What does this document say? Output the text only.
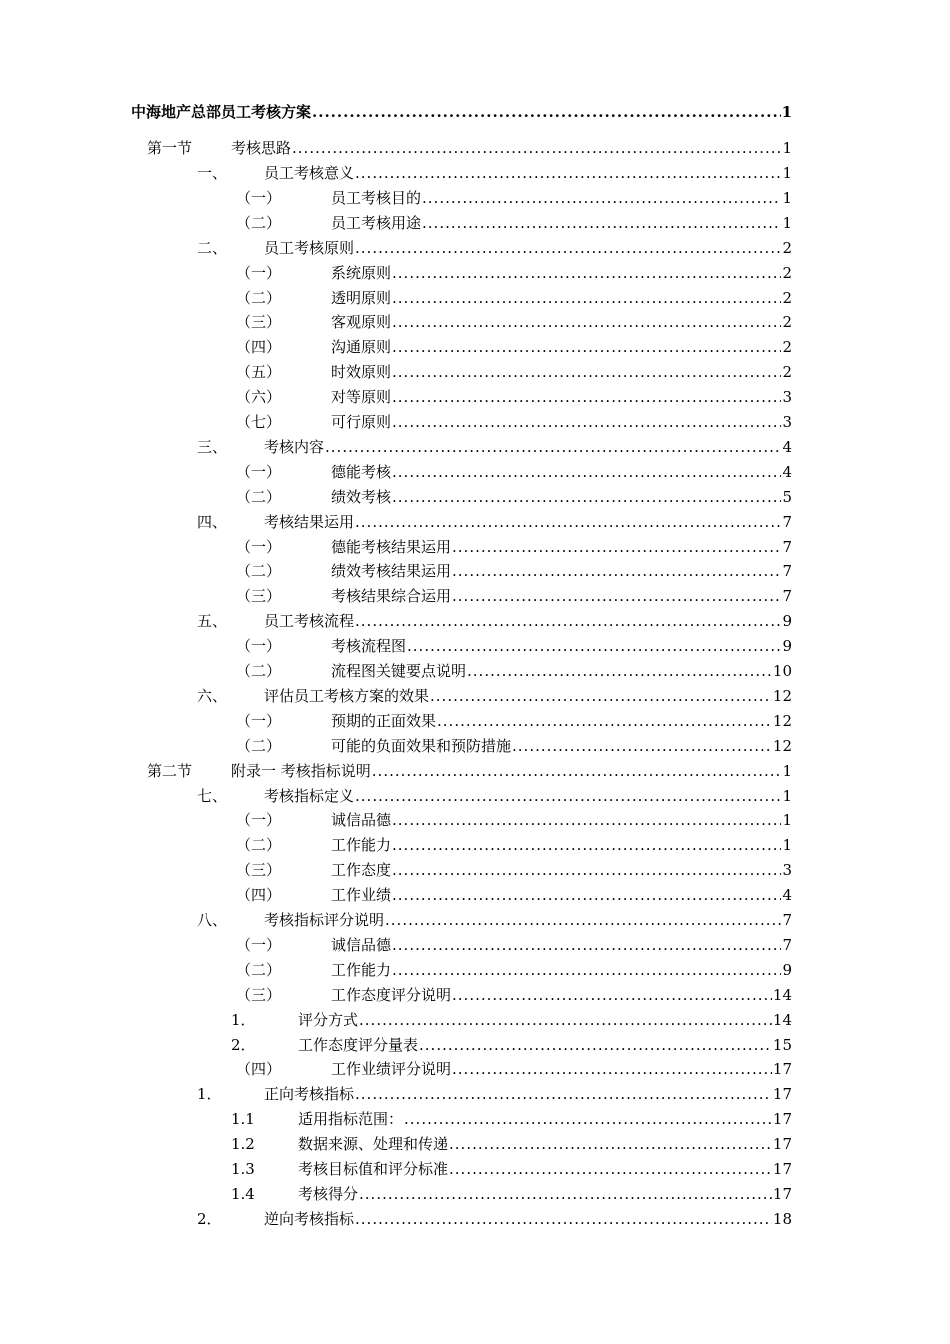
中海地产总部员工考核方案 .....	1
第一节	考核思路 .....	1
一、	员工考核意义 .....	1
（一）	员工考核目的 .....	1
（二）	员工考核用途 .....	1
二、	员工考核原则 .....	2
（一）	系统原则 .....	2
（二）	透明原则 .....	2
（三）	客观原则 .....	2
（四）	沟通原则 .....	2
（五）	时效原则 .....	2
（六）	对等原则 .....	3
（七）	可行原则 .....	3
三、	考核内容 .....	4
（一）	德能考核 .....	4
（二）	绩效考核 .....	5
四、	考核结果运用 .....	7
（一）	德能考核结果运用 .....	7
（二）	绩效考核结果运用 .....	7
（三）	考核结果综合运用 .....	7
五、	员工考核流程 .....	9
（一）	考核流程图 .....	9
（二）	流程图关键要点说明 .....	10
六、	评估员工考核方案的效果 .....	12
（一）	预期的正面效果 .....	12
（二）	可能的负面效果和预防措施 .....	12
第二节	附录一 考核指标说明 .....	1
七、	考核指标定义 .....	1
（一）	诚信品德 .....	1
（二）	工作能力 .....	1
（三）	工作态度 .....	3
（四）	工作业绩 .....	4
八、	考核指标评分说明 .....	7
（一）	诚信品德 .....	7
（二）	工作能力 .....	9
（三）	工作态度评分说明 .....	14
1．	评分方式 .....	14
2．	工作态度评分量表 .....	15
（四）	工作业绩评分说明 .....	17
1．	正向考核指标 .....	17
1.1	适用指标范围： .....	17
1.2	数据来源、处理和传递 .....	17
1.3	考核目标值和评分标准 .....	17
1.4	考核得分 .....	17
2．	逆向考核指标 .....	18
